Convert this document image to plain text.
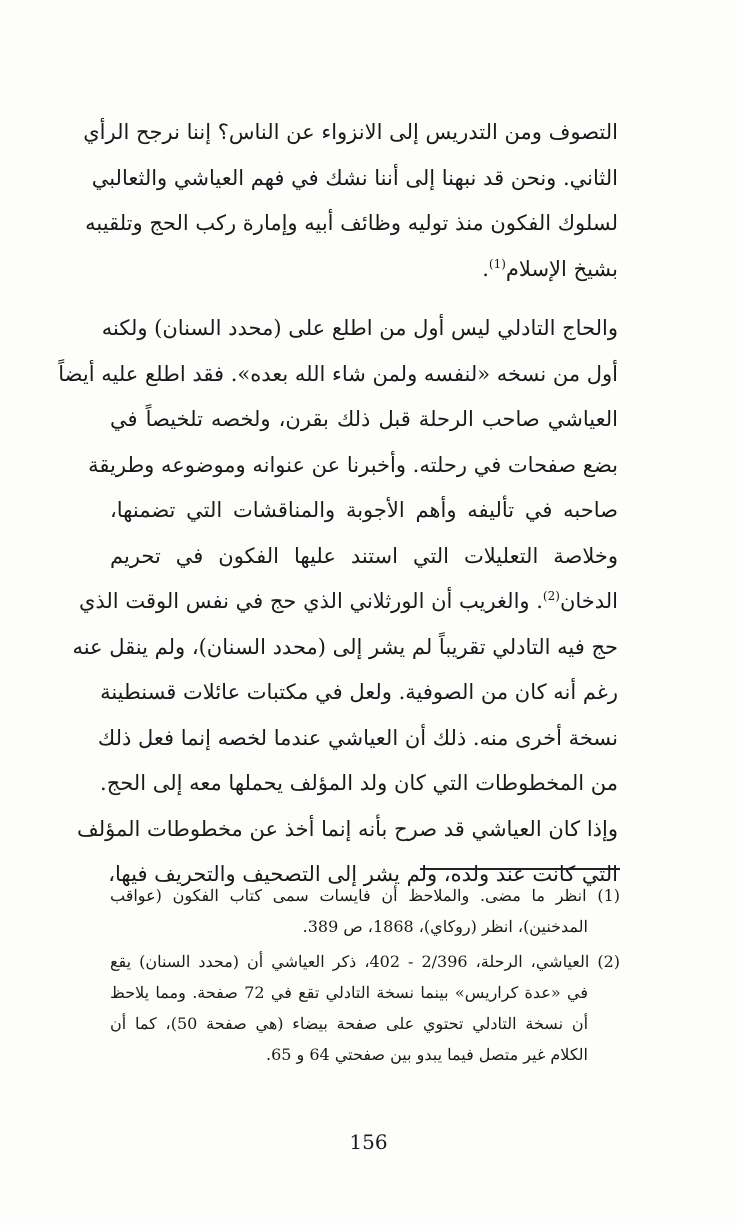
التصوف ومن التدريس إلى الانزواء عن الناس؟ إننا نرجح الرأي
الثاني. ونحن قد نبهنا إلى أننا نشك في فهم العياشي والثعالبي
لسلوك الفكون منذ توليه وظائف أبيه وإمارة ركب الحج وتلقيبه
بشيخ الإسلام$^{(1)}$.

والحاج التادلي ليس أول من اطلع على (محدد السنان) ولكنه
أول من نسخه «لنفسه ولمن شاء الله بعده». فقد اطلع عليه أيضاً
العياشي صاحب الرحلة قبل ذلك بقرن، ولخصه تلخيصاً في
بضع صفحات في رحلته. وأخبرنا عن عنوانه وموضوعه وطريقة
صاحبه في تأليفه وأهم الأجوبة والمناقشات التي تضمنها،
وخلاصة التعليلات التي استند عليها الفكون في تحريم
الدخان$^{(2)}$. والغريب أن الورثلاني الذي حج في نفس الوقت الذي
حج فيه التادلي تقريباً لم يشر إلى (محدد السنان)، ولم ينقل عنه
رغم أنه كان من الصوفية. ولعل في مكتبات عائلات قسنطينة
نسخة أخرى منه. ذلك أن العياشي عندما لخصه إنما فعل ذلك
من المخطوطات التي كان ولد المؤلف يحملها معه إلى الحج.
وإذا كان العياشي قد صرح بأنه إنما أخذ عن مخطوطات المؤلف
التي كانت عند ولده، ولم يشر إلى التصحيف والتحريف فيها،

(1) انظر ما مضى. والملاحظ أن فايسات سمى كتاب الفكون (عواقب
المدخنين)، انظر (روكاي)، 1868، ص 389.

(2) العياشي، الرحلة، 2/396 - 402، ذكر العياشي أن (محدد السنان) يقع
في «عدة كراريس» بينما نسخة التادلي تقع في 72 صفحة. ومما يلاحظ
أن نسخة التادلي تحتوي على صفحة بيضاء (هي صفحة 50)، كما أن
الكلام غير متصل فيما يبدو بين صفحتي 64 و 65.

156
